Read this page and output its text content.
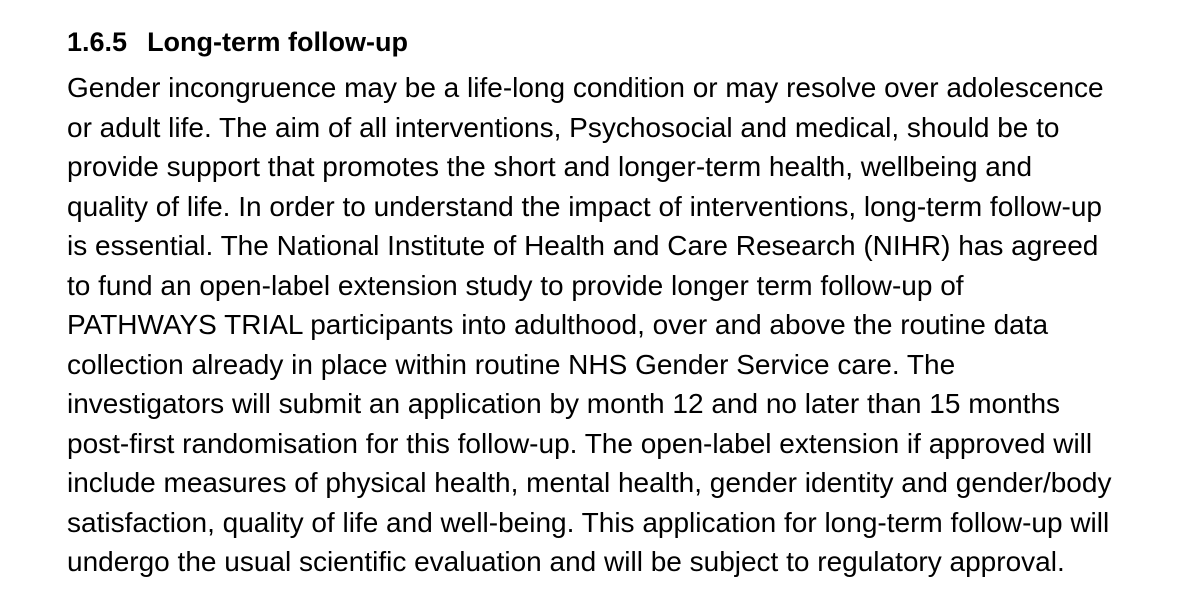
1.6.5 Long-term follow-up

Gender incongruence may be a life-long condition or may resolve over adolescence
or adult life. The aim of all interventions, Psychosocial and medical, should be to
provide support that promotes the short and longer-term health, wellbeing and
quality of life. In order to understand the impact of interventions, long-term follow-up
is essential. The National Institute of Health and Care Research (NIHR) has agreed
to fund an open-label extension study to provide longer term follow-up of
PATHWAYS TRIAL participants into adulthood, over and above the routine data
collection already in place within routine NHS Gender Service care. The
investigators will submit an application by month 12 and no later than 15 months
post-first randomisation for this follow-up. The open-label extension if approved will
include measures of physical health, mental health, gender identity and gender/body
satisfaction, quality of life and well-being. This application for long-term follow-up will
undergo the usual scientific evaluation and will be subject to regulatory approval.
